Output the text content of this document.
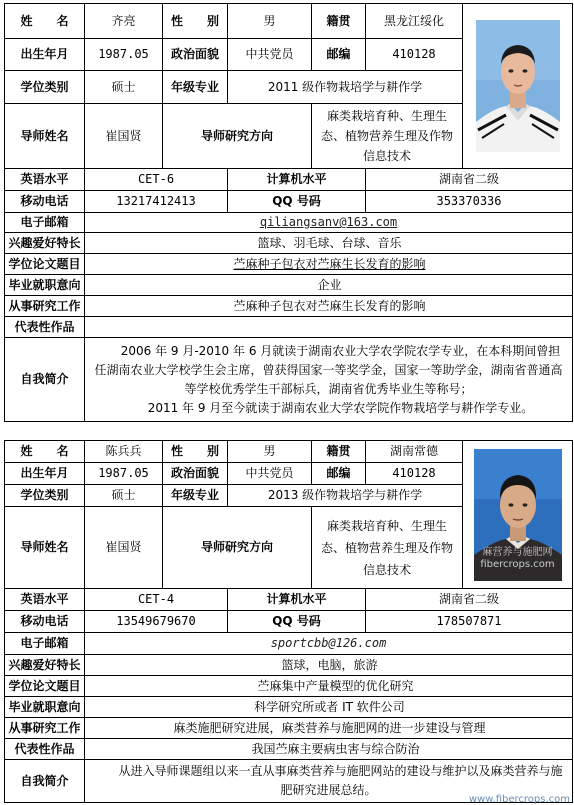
姓　　名	齐亮	性　　别	男	籍贯	黑龙江绥化	

出生年月	1987.05	政治面貌	中共党员	邮编	410128	
学位类别	硕士	年级专业	2011 级作物栽培学与耕作学			
导师姓名	崔国贤	导师研究方向		麻类栽培育种、生理生态、植物营养生理及作物信息技术		
英语水平	CET-6		计算机水平		湖南省二级	
移动电话	13217412413		QQ 号码		353370336	
电子邮箱	qiliangsanv@163.com					
兴趣爱好特长	篮球、羽毛球、台球、音乐					
学位论文题目	苎麻种子包衣对苎麻生长发育的影响					
毕业就职意向	企业					
从事研究工作	苎麻种子包衣对苎麻生长发育的影响					
代表性作品						
自我简介	2006 年 9 月-2010 年 6 月就读于湖南农业大学农学院农学专业，在本科期间曾担任湖南农业大学校学生会主席，曾获得国家一等奖学金，国家一等助学金，湖南省普通高等学校优秀学生干部标兵，湖南省优秀毕业生等称号；

2011 年 9 月至今就读于湖南农业大学农学院作物栽培学与耕作学专业。					

姓　　名	陈兵兵	性　　别	男	籍贯	湖南常德	麻营养与施肥网
fibercrops.com

出生年月	1987.05	政治面貌	中共党员	邮编	410128	
学位类别	硕士	年级专业	2013 级作物栽培学与耕作学			
导师姓名	崔国贤	导师研究方向		麻类栽培育种、生理生态、植物营养生理及作物信息技术		
英语水平	CET-4		计算机水平		湖南省二级	
移动电话	13549679670		QQ 号码		178507871	
电子邮箱	sportcbb@126.com					
兴趣爱好特长	篮球，电脑，旅游					
学位论文题目	苎麻集中产量模型的优化研究					
毕业就职意向	科学研究所或者 IT 软件公司					
从事研究工作	麻类施肥研究进展，麻类营养与施肥网的进一步建设与管理					
代表性作品	我国苎麻主要病虫害与综合防治					
自我简介	从进入导师课题组以来一直从事麻类营养与施肥网站的建设与维护以及麻类营养与施肥研究进展总结。					

www.fibercrops.com
